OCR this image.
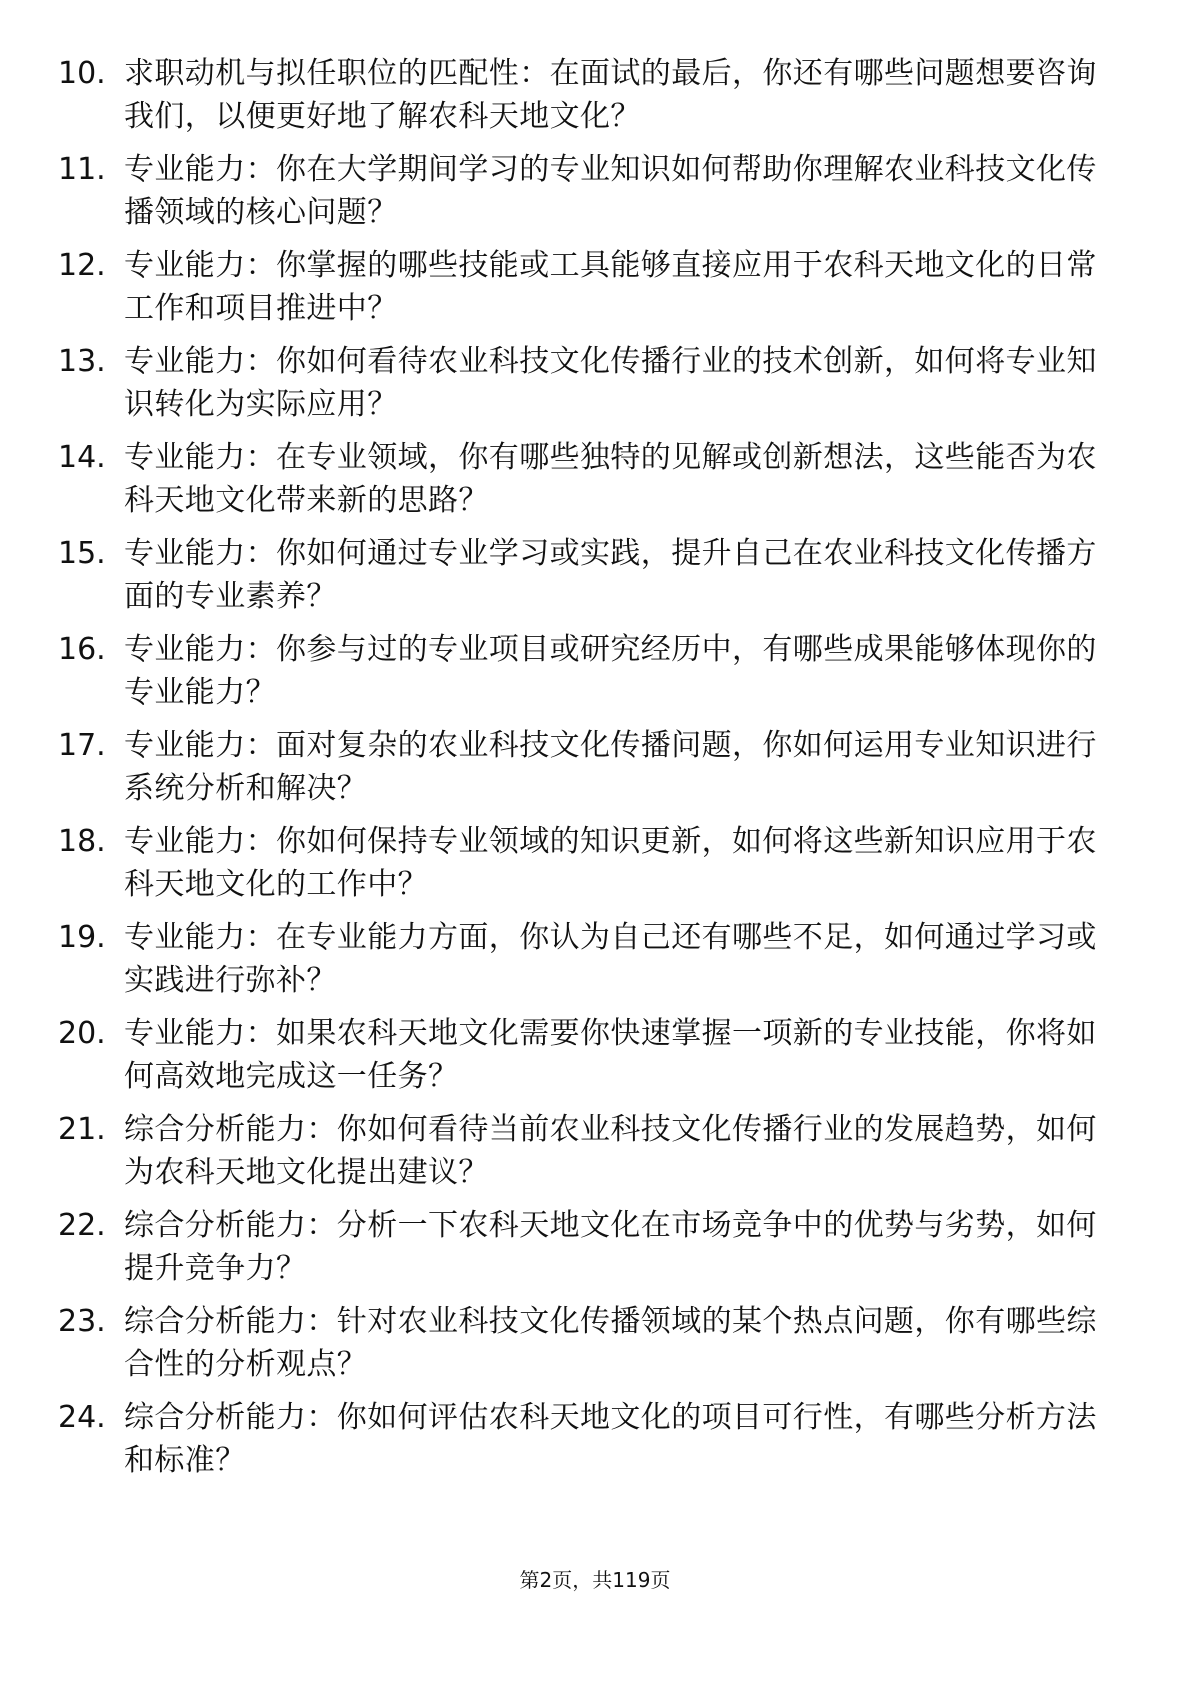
10. 求职动机与拟任职位的匹配性：在面试的最后，你还有哪些问题想要咨询我们，以便更好地了解农科天地文化？
11. 专业能力：你在大学期间学习的专业知识如何帮助你理解农业科技文化传播领域的核心问题？
12. 专业能力：你掌握的哪些技能或工具能够直接应用于农科天地文化的日常工作和项目推进中？
13. 专业能力：你如何看待农业科技文化传播行业的技术创新，如何将专业知识转化为实际应用？
14. 专业能力：在专业领域，你有哪些独特的见解或创新想法，这些能否为农科天地文化带来新的思路？
15. 专业能力：你如何通过专业学习或实践，提升自己在农业科技文化传播方面的专业素养？
16. 专业能力：你参与过的专业项目或研究经历中，有哪些成果能够体现你的专业能力？
17. 专业能力：面对复杂的农业科技文化传播问题，你如何运用专业知识进行系统分析和解决？
18. 专业能力：你如何保持专业领域的知识更新，如何将这些新知识应用于农科天地文化的工作中？
19. 专业能力：在专业能力方面，你认为自己还有哪些不足，如何通过学习或实践进行弥补？
20. 专业能力：如果农科天地文化需要你快速掌握一项新的专业技能，你将如何高效地完成这一任务？
21. 综合分析能力：你如何看待当前农业科技文化传播行业的发展趋势，如何为农科天地文化提出建议？
22. 综合分析能力：分析一下农科天地文化在市场竞争中的优势与劣势，如何提升竞争力？
23. 综合分析能力：针对农业科技文化传播领域的某个热点问题，你有哪些综合性的分析观点？
24. 综合分析能力：你如何评估农科天地文化的项目可行性，有哪些分析方法和标准？
第2页，共119页
